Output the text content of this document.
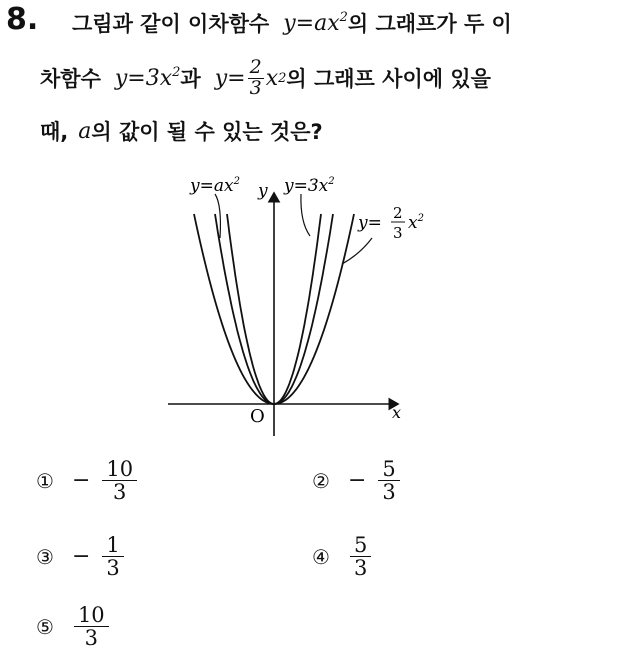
8. 그림과 같이 이차함수 $y=ax^2$ 의 그래프가 두 이
차함수 $y=3x^2$ 과 $y= \frac{2}{3}$ x 2 의 그래프 사이에 있을
때, a 의 값이 될 수 있는 것은?
$y=ax^2$ y $y=3x^2$
y= 2
3 $x^2$
O	x
① − $\frac{10}{3}$	② − $\frac{5}{3}$
③ − $\frac{1}{3}$	④ $\frac{5}{3}$
⑤ $\frac{10}{3}$
